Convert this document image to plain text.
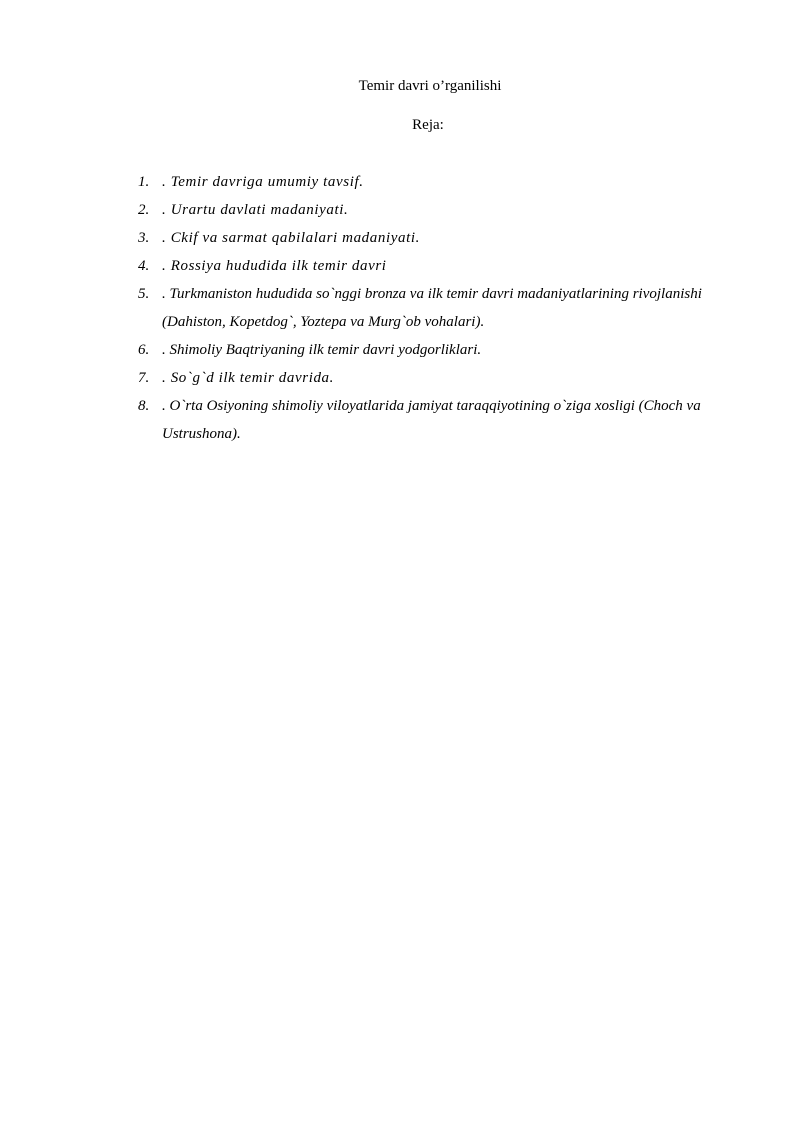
Temir davri o’rganilishi
Reja:
1. . Temir davriga umumiy tavsif.
2. . Urartu davlati madaniyati.
3. . Ckif va sarmat qabilalari madaniyati.
4. . Rossiya hududida ilk temir davri
5. . Turkmaniston hududida so`nggi bronza va ilk temir davri madaniyatlarining rivojlanishi (Dahiston, Kopetdog`, Yoztepa va Murg`ob vohalari).
6. . Shimoliy Baqtriyaning ilk temir davri yodgorliklari.
7. . So`g`d ilk temir davrida.
8. . O`rta Osiyoning shimoliy viloyatlarida jamiyat taraqqiyotining o`ziga xosligi (Choch va Ustrushona).
